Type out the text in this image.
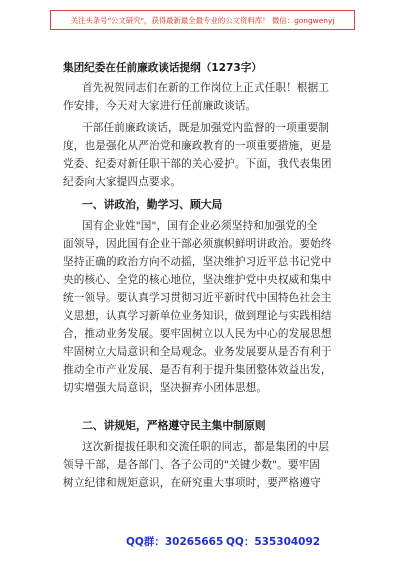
关注头条号"公文研究"，获得最新最全最专业的公文资料库！ 微信：gongwenyj
集团纪委在任前廉政谈话提纲（1273字）
首先祝贺同志们在新的工作岗位上正式任职！根据工
作安排，今天对大家进行任前廉政谈话。
干部任前廉政谈话，既是加强党内监督的一项重要制
度，也是强化从严治党和廉政教育的一项重要措施，更是
党委、纪委对新任职干部的关心爱护。下面，我代表集团
纪委向大家提四点要求。
一、讲政治，勤学习、顾大局
国有企业姓"国"，国有企业必须坚持和加强党的全
面领导，因此国有企业干部必须旗帜鲜明讲政治。要始终
坚持正确的政治方向不动摇，坚决维护习近平总书记党中
央的核心、全党的核心地位，坚决维护党中央权威和集中
统一领导。要认真学习贯彻习近平新时代中国特色社会主
义思想，认真学习新单位业务知识，做到理论与实践相结
合，推动业务发展。要牢固树立以人民为中心的发展思想
牢固树立大局意识和全局观念。业务发展要从是否有利于
推动全市产业发展、是否有利于提升集团整体效益出发，
切实增强大局意识，坚决摒弃小团体思想。
二、讲规矩，严格遵守民主集中制原则
这次新提拔任职和交流任职的同志，都是集团的中层
领导干部，是各部门、各子公司的"关键少数"。要牢固
树立纪律和规矩意识，在研究重大事项时，要严格遵守
QQ群：30265665 QQ：535304092
